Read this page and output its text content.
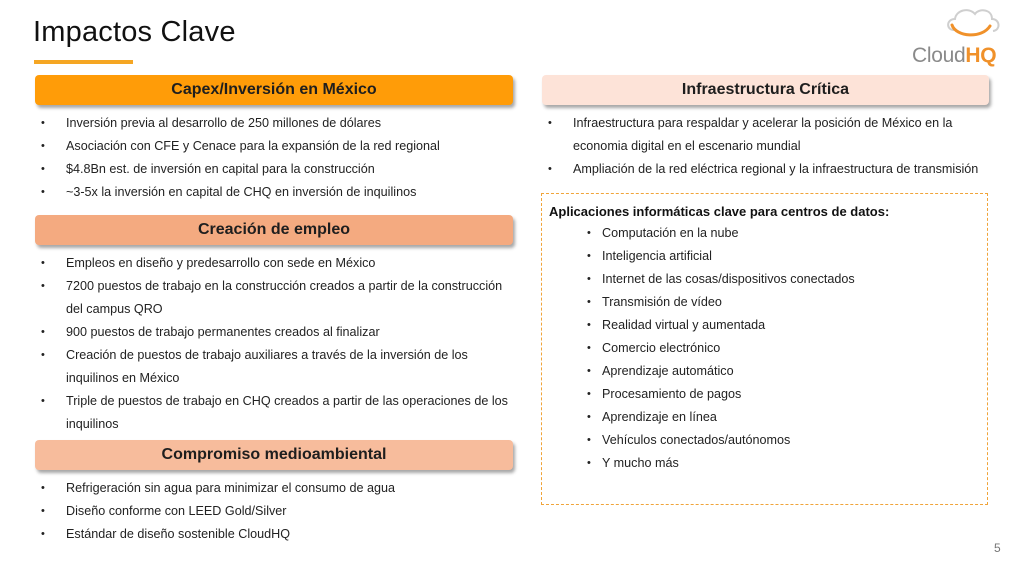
Impactos Clave
CloudHQ
Capex/Inversión en México
• Inversión previa al desarrollo de 250 millones de dólares
• Asociación con CFE y Cenace para la expansión de la red regional
• $4.8Bn est. de inversión en capital para la construcción
• ~3-5x la inversión en capital de CHQ en inversión de inquilinos
Creación de empleo
• Empleos en diseño y predesarrollo con sede en México
• 7200 puestos de trabajo en la construcción creados a partir de la construcción del campus QRO
• 900 puestos de trabajo permanentes creados al finalizar
• Creación de puestos de trabajo auxiliares a través de la inversión de los inquilinos en México
• Triple de puestos de trabajo en CHQ creados a partir de las operaciones de los inquilinos
Compromiso medioambiental
• Refrigeración sin agua para minimizar el consumo de agua
• Diseño conforme con LEED Gold/Silver
• Estándar de diseño sostenible CloudHQ
Infraestructura Crítica
• Infraestructura para respaldar y acelerar la posición de México en la economia digital en el escenario mundial
• Ampliación de la red eléctrica regional y la infraestructura de transmisión
Aplicaciones informáticas clave para centros de datos:
• Computación en la nube
• Inteligencia artificial
• Internet de las cosas/dispositivos conectados
• Transmisión de vídeo
• Realidad virtual y aumentada
• Comercio electrónico
• Aprendizaje automático
• Procesamiento de pagos
• Aprendizaje en línea
• Vehículos conectados/autónomos
• Y mucho más
5
